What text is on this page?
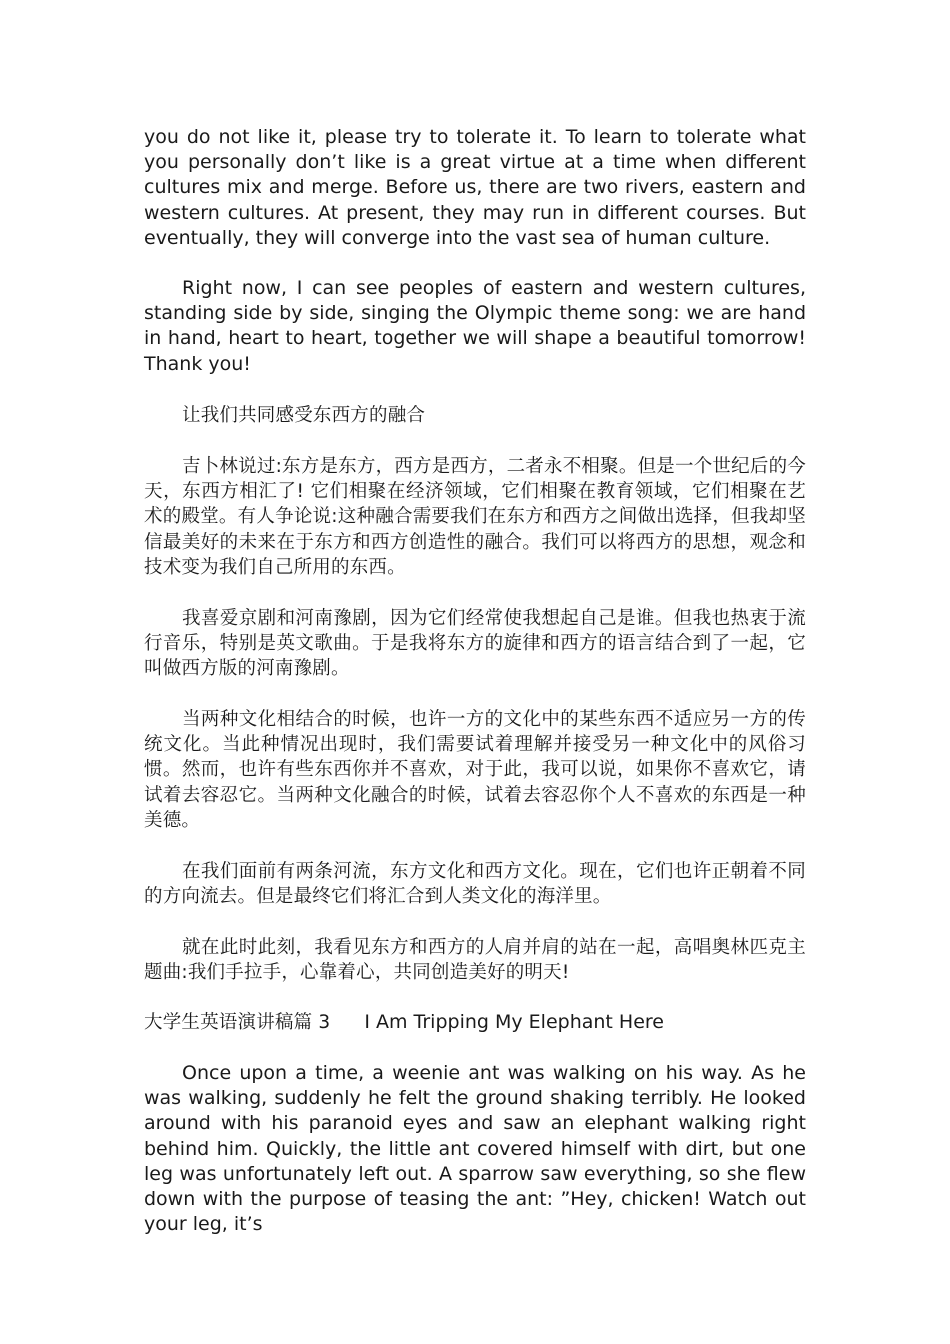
you do not like it, please try to tolerate it. To learn to tolerate what you personally don’t like is a great virtue at a time when different cultures mix and merge. Before us, there are two rivers, eastern and western cultures. At present, they may run in different courses. But eventually, they will converge into the vast sea of human culture.

Right now, I can see peoples of eastern and western cultures, standing side by side, singing the Olympic theme song: we are hand in hand, heart to heart, together we will shape a beautiful tomorrow! Thank you!

让我们共同感受东西方的融合

吉卜林说过:东方是东方，西方是西方，二者永不相聚。但是一个世纪后的今天，东西方相汇了! 它们相聚在经济领域，它们相聚在教育领域，它们相聚在艺术的殿堂。有人争论说:这种融合需要我们在东方和西方之间做出选择，但我却坚信最美好的未来在于东方和西方创造性的融合。我们可以将西方的思想，观念和技术变为我们自己所用的东西。

我喜爱京剧和河南豫剧，因为它们经常使我想起自己是谁。但我也热衷于流行音乐，特别是英文歌曲。于是我将东方的旋律和西方的语言结合到了一起，它叫做西方版的河南豫剧。

当两种文化相结合的时候，也许一方的文化中的某些东西不适应另一方的传统文化。当此种情况出现时，我们需要试着理解并接受另一种文化中的风俗习惯。然而，也许有些东西你并不喜欢，对于此，我可以说，如果你不喜欢它，请试着去容忍它。当两种文化融合的时候，试着去容忍你个人不喜欢的东西是一种美德。

在我们面前有两条河流，东方文化和西方文化。现在，它们也许正朝着不同的方向流去。但是最终它们将汇合到人类文化的海洋里。

就在此时此刻，我看见东方和西方的人肩并肩的站在一起，高唱奥林匹克主题曲:我们手拉手，心靠着心，共同创造美好的明天!

大学生英语演讲稿篇 3 I Am Tripping My Elephant Here

Once upon a time, a weenie ant was walking on his way. As he was walking, suddenly he felt the ground shaking terribly. He looked around with his paranoid eyes and saw an elephant walking right behind him. Quickly, the little ant covered himself with dirt, but one leg was unfortunately left out. A sparrow saw everything, so she flew down with the purpose of teasing the ant: ”Hey, chicken! Watch out your leg, it’s
